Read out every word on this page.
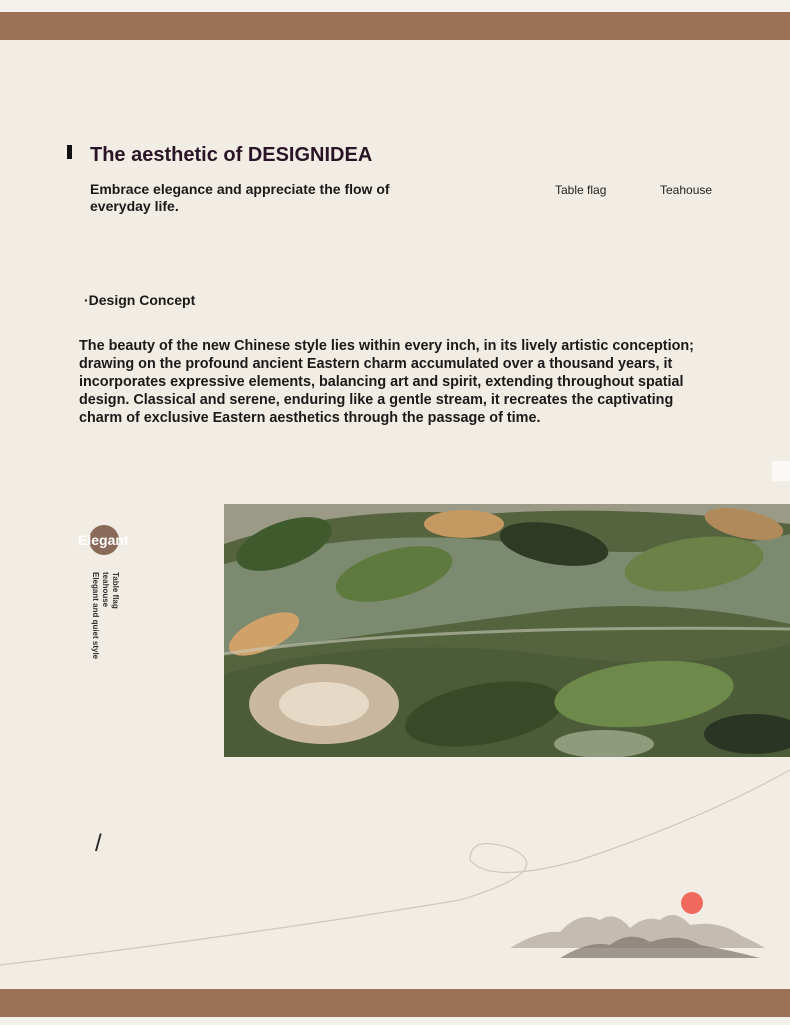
The aesthetic of DESIGNIDEA

Embrace elegance and appreciate the flow of everyday life.

Table flag	Teahouse
·Design Concept

The beauty of the new Chinese style lies within every inch, in its lively artistic conception; drawing on the profound ancient Eastern charm accumulated over a thousand years, it incorporates expressive elements, balancing art and spirit, extending throughout spatial design. Classical and serene, enduring like a gentle stream, it recreates the captivating charm of exclusive Eastern aesthetics through the passage of time.

Elegant
Table flag
teahouse
Elegant and quiet style
/
